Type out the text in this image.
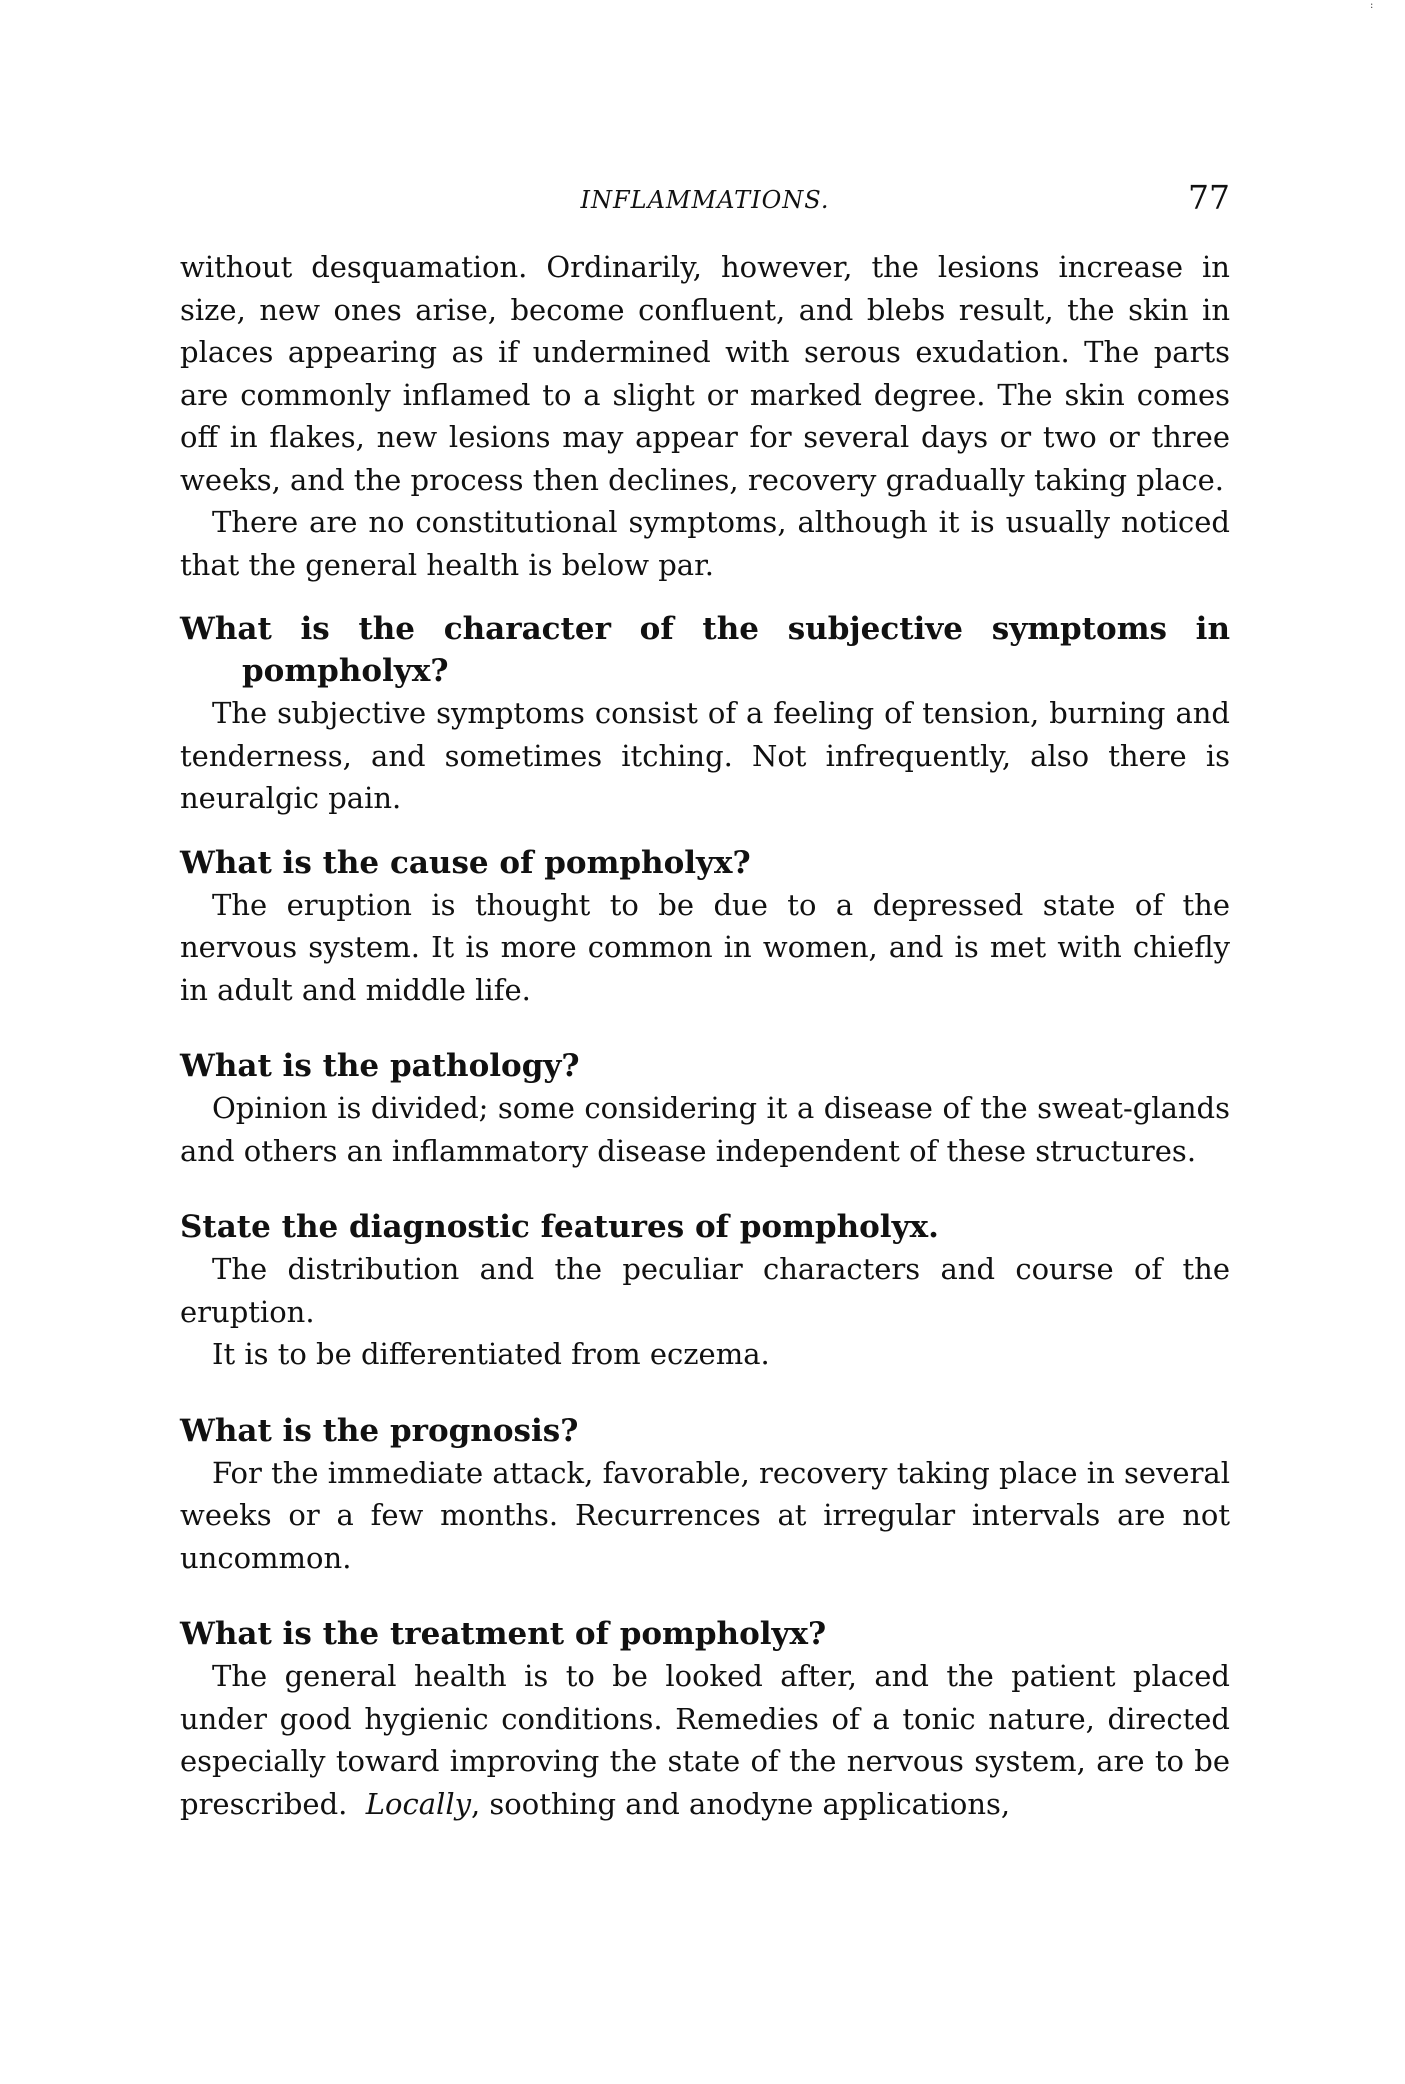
:
INFLAMMATIONS.	77

without desquamation. Ordinarily, however, the lesions increase in size, new ones arise, become confluent, and blebs result, the skin in places appearing as if undermined with serous exudation. The parts are commonly inflamed to a slight or marked degree. The skin comes off in flakes, new lesions may appear for several days or two or three weeks, and the process then declines, recovery gradually taking place.

There are no constitutional symptoms, although it is usually noticed that the general health is below par.

What is the character of the subjective symptoms in pompholyx?

The subjective symptoms consist of a feeling of tension, burning and tenderness, and sometimes itching. Not infrequently, also there is neuralgic pain.

What is the cause of pompholyx?

The eruption is thought to be due to a depressed state of the nervous system. It is more common in women, and is met with chiefly in adult and middle life.

What is the pathology?

Opinion is divided; some considering it a disease of the sweat-glands and others an inflammatory disease independent of these structures.

State the diagnostic features of pompholyx.

The distribution and the peculiar characters and course of the eruption.

It is to be differentiated from eczema.

What is the prognosis?

For the immediate attack, favorable, recovery taking place in several weeks or a few months. Recurrences at irregular intervals are not uncommon.

What is the treatment of pompholyx?

The general health is to be looked after, and the patient placed under good hygienic conditions. Remedies of a tonic nature, directed especially toward improving the state of the nervous system, are to be prescribed. Locally, soothing and anodyne applications,
